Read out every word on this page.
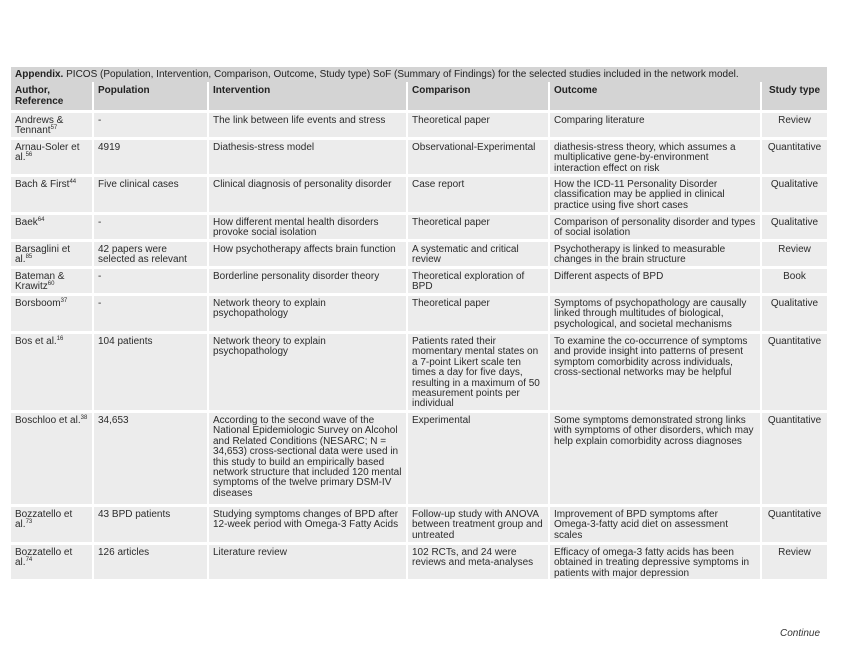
Appendix. PICOS (Population, Intervention, Comparison, Outcome, Study type) SoF (Summary of Findings) for the selected studies included in the network model.
Author, Reference	Population	Intervention	Comparison	Outcome	Study type
Andrews & Tennant$^{57}$	-	The link between life events and stress	Theoretical paper	Comparing literature	Review
Arnau-Soler et al.$^{56}$	4919	Diathesis-stress model	Observational-Experimental	diathesis-stress theory, which assumes a multiplicative gene-by-environment interaction effect on risk	Quantitative
Bach & First$^{44}$	Five clinical cases	Clinical diagnosis of personality disorder	Case report	How the ICD-11 Personality Disorder classification may be applied in clinical practice using five short cases	Qualitative
Baek$^{64}$	-	How different mental health disorders provoke social isolation	Theoretical paper	Comparison of personality disorder and types of social isolation	Qualitative
Barsaglini et al.$^{85}$	42 papers were selected as relevant	How psychotherapy affects brain function	A systematic and critical review	Psychotherapy is linked to measurable changes in the brain structure	Review
Bateman & Krawitz$^{60}$	-	Borderline personality disorder theory	Theoretical exploration of BPD	Different aspects of BPD	Book
Borsboom$^{37}$	-	Network theory to explain psychopathology	Theoretical paper	Symptoms of psychopathology are causally linked through multitudes of biological, psychological, and societal mechanisms	Qualitative
Bos et al.$^{16}$	104 patients	Network theory to explain psychopathology	Patients rated their momentary mental states on a 7-point Likert scale ten times a day for five days, resulting in a maximum of 50 measurement points per individual	To examine the co-occurrence of symptoms and provide insight into patterns of present symptom comorbidity across individuals, cross-sectional networks may be helpful	Quantitative
Boschloo et al.$^{38}$	34,653	According to the second wave of the National Epidemiologic Survey on Alcohol and Related Conditions (NESARC; N = 34,653) cross-sectional data were used in this study to build an empirically based network structure that included 120 mental symptoms of the twelve primary DSM-IV diseases	Experimental	Some symptoms demonstrated strong links with symptoms of other disorders, which may help explain comorbidity across diagnoses	Quantitative
Bozzatello et al.$^{73}$	43 BPD patients	Studying symptoms changes of BPD after 12-week period with Omega-3 Fatty Acids	Follow-up study with ANOVA between treatment group and untreated	Improvement of BPD symptoms after Omega-3-fatty acid diet on assessment scales	Quantitative
Bozzatello et al.$^{74}$	126 articles	Literature review	102 RCTs, and 24 were reviews and meta-analyses	Efficacy of omega-3 fatty acids has been obtained in treating depressive symptoms in patients with major depression	Review
Continue
